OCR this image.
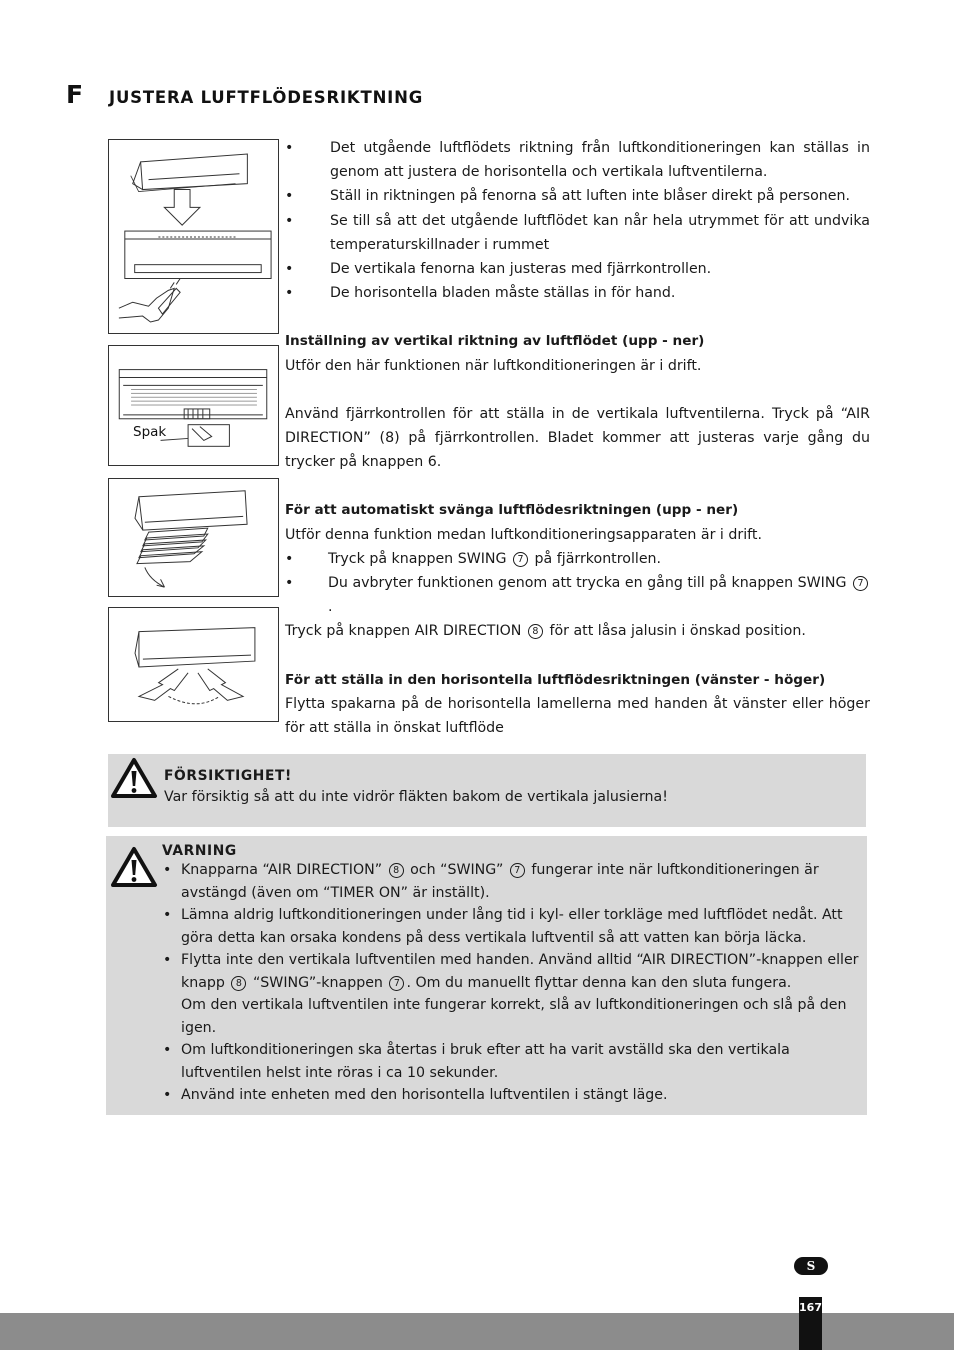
F JUSTERA LUFTFLÖDESRIKTNING
Spak
• Det utgående luftflödets riktning från luftkonditioneringen kan ställas in genom att justera de horisontella och vertikala luftventilerna.
• Ställ in riktningen på fenorna så att luften inte blåser direkt på personen.
• Se till så att det utgående luftflödet kan når hela utrymmet för att undvika temperaturskillnader i rummet
• De vertikala fenorna kan justeras med fjärrkontrollen.
• De horisontella bladen måste ställas in för hand.

Inställning av vertikal riktning av luftflödet (upp - ner)

Utför den här funktionen när luftkonditioneringen är i drift.

Använd fjärrkontrollen för att ställa in de vertikala luftventilerna. Tryck på “AIR DIRECTION” (8) på fjärrkontrollen. Bladet kommer att justeras varje gång du trycker på knappen 6.

För att automatiskt svänga luftflödesriktningen (upp - ner)

Utför denna funktion medan luftkonditioneringsapparaten är i drift.

• Tryck på knappen SWING 7 på fjärrkontrollen.
• Du avbryter funktionen genom att trycka en gång till på knappen SWING 7.

Tryck på knappen AIR DIRECTION 8 för att låsa jalusin i önskad position.

För att ställa in den horisontella luftflödesriktningen (vänster - höger)

Flytta spakarna på de horisontella lamellerna med handen åt vänster eller höger för att ställa in önskat luftflöde

FÖRSIKTIGHET!
Var försiktig så att du inte vidrör fläkten bakom de vertikala jalusierna!
VARNING
• Knapparna “AIR DIRECTION” 8 och “SWING” 7 fungerar inte när luftkonditioneringen är avstängd (även om “TIMER ON” är inställt).
• Lämna aldrig luftkonditioneringen under lång tid i kyl- eller torkläge med luftflödet nedåt. Att göra detta kan orsaka kondens på dess vertikala luftventil så att vatten kan börja läcka.
• Flytta inte den vertikala luftventilen med handen. Använd alltid “AIR DIRECTION”-knappen eller knapp 8 “SWING”-knappen 7 . Om du manuellt flyttar denna kan den sluta fungera.
Om den vertikala luftventilen inte fungerar korrekt, slå av luftkonditioneringen och slå på den igen.
• Om luftkonditioneringen ska återtas i bruk efter att ha varit avställd ska den vertikala luftventilen helst inte röras i ca 10 sekunder.
• Använd inte enheten med den horisontella luftventilen i stängt läge.
S
167
